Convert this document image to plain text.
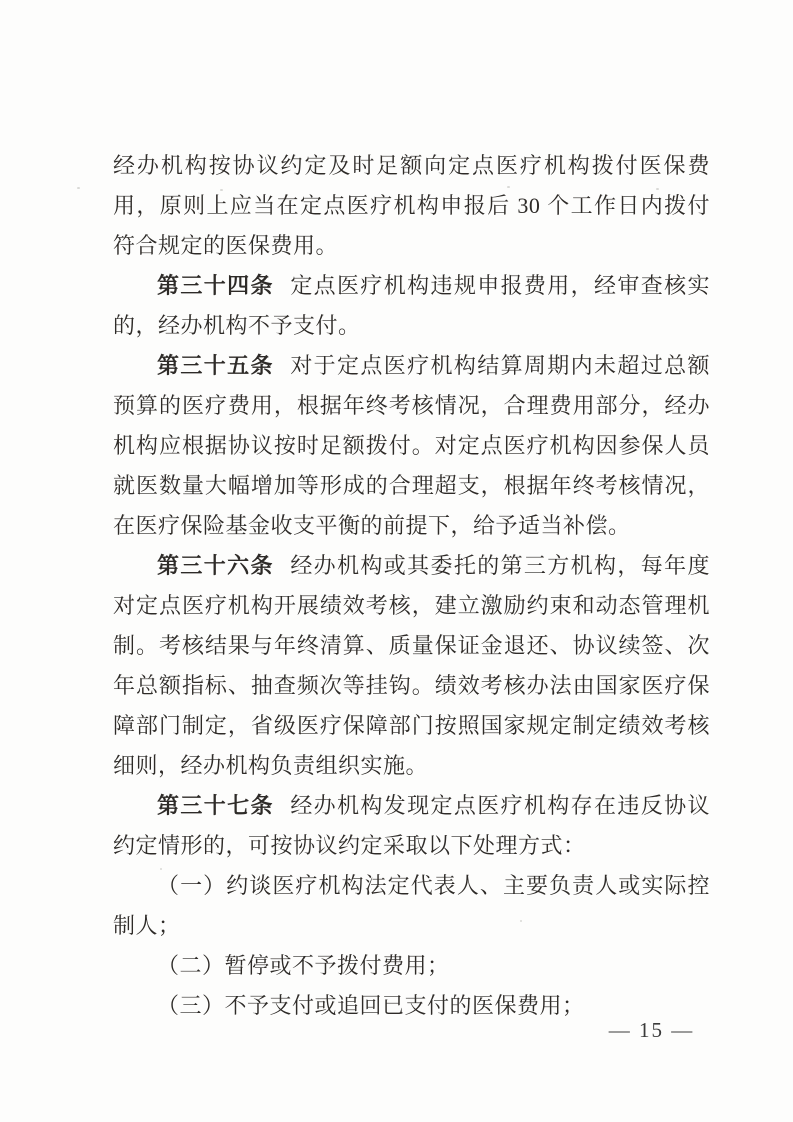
经办机构按协议约定及时足额向定点医疗机构拨付医保费用，原则上应当在定点医疗机构申报后 30 个工作日内拨付符合规定的医保费用。

第三十四条 定点医疗机构违规申报费用，经审查核实的，经办机构不予支付。

第三十五条 对于定点医疗机构结算周期内未超过总额预算的医疗费用，根据年终考核情况，合理费用部分，经办机构应根据协议按时足额拨付。对定点医疗机构因参保人员就医数量大幅增加等形成的合理超支，根据年终考核情况，在医疗保险基金收支平衡的前提下，给予适当补偿。

第三十六条 经办机构或其委托的第三方机构，每年度对定点医疗机构开展绩效考核，建立激励约束和动态管理机制。考核结果与年终清算、质量保证金退还、协议续签、次年总额指标、抽查频次等挂钩。绩效考核办法由国家医疗保障部门制定，省级医疗保障部门按照国家规定制定绩效考核细则，经办机构负责组织实施。

第三十七条 经办机构发现定点医疗机构存在违反协议约定情形的，可按协议约定采取以下处理方式：

（一）约谈医疗机构法定代表人、主要负责人或实际控制人；

（二）暂停或不予拨付费用；

（三）不予支付或追回已支付的医保费用；

— 15 —
